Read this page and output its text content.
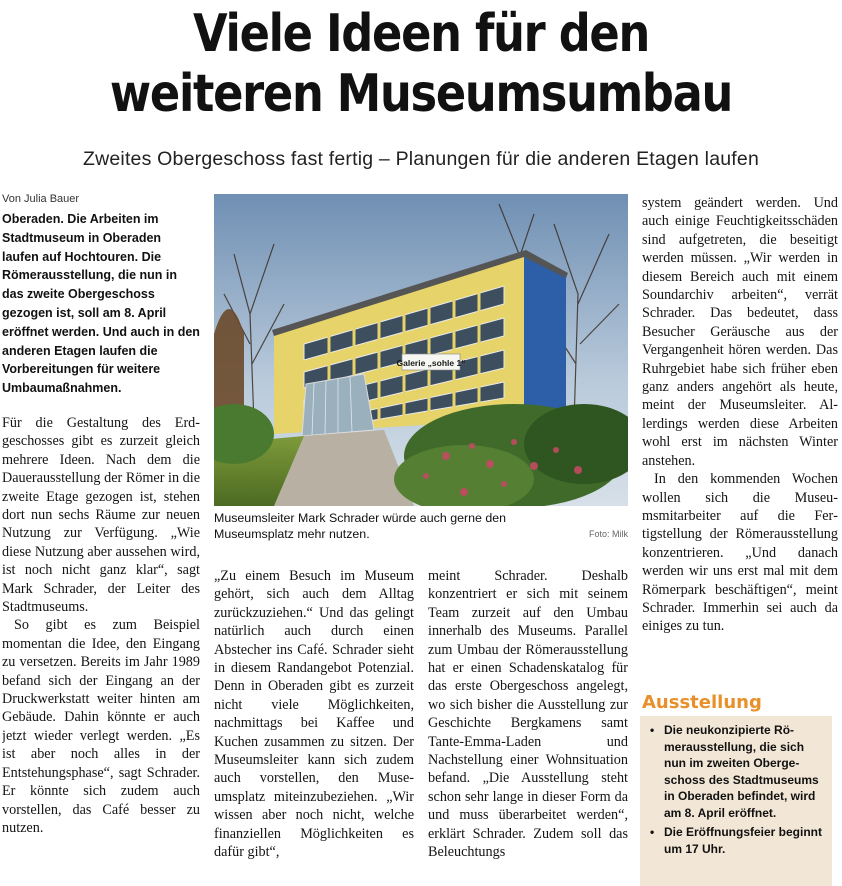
Viele Ideen für den
weiteren Museumsumbau
Zweites Obergeschoss fast fertig – Planungen für die anderen Etagen laufen
Von Julia Bauer
Oberaden. Die Arbeiten im Stadtmuseum in Oberaden laufen auf Hochtouren. Die Römerausstellung, die nun in das zweite Obergeschoss gezogen ist, soll am 8. April eröffnet werden. Und auch in den anderen Etagen laufen die Vorbereitungen für weitere Umbaumaßnahmen.

Für die Gestaltung des Erdgeschosses gibt es zurzeit gleich mehrere Ideen. Nach dem die Dauerausstellung der Römer in die zweite Etage gezogen ist, stehen dort nun sechs Räume zur neuen Nutzung zur Verfügung. „Wie diese Nutzung aber aussehen wird, ist noch nicht ganz klar“, sagt Mark Schrader, der Leiter des Stadtmuseums.

So gibt es zum Beispiel momentan die Idee, den Eingang zu versetzen. Bereits im Jahr 1989 befand sich der Eingang an der Druckwerkstatt weiter hinten am Gebäude. Dahin könnte er auch jetzt wieder verlegt werden. „Es ist aber noch alles in der Entstehungsphase“, sagt Schrader. Er könnte sich zudem auch vorstellen, das Café besser zu nutzen.

Galerie „sohle 1“
Museumsleiter Mark Schrader würde auch gerne den Museumsplatz mehr nutzen.	Foto: Milk

„Zu einem Besuch im Museum gehört, sich auch dem Alltag zurückzuziehen.“ Und das gelingt natürlich auch durch einen Abstecher ins Café. Schrader sieht in diesem Randangebot Potenzial. Denn in Oberaden gibt es zurzeit nicht viele Möglichkeiten, nachmittags bei Kaffee und Kuchen zusammen zu sitzen. Der Museumsleiter kann sich zudem auch vorstellen, den Museumsplatz miteinzubeziehen. „Wir wissen aber noch nicht, welche finanziellen Möglichkeiten es dafür gibt“,

meint Schrader. Deshalb konzentriert er sich mit seinem Team zurzeit auf den Umbau innerhalb des Museums. Parallel zum Umbau der Römerausstellung hat er einen Schadenskatalog für das erste Obergeschoss angelegt, wo sich bisher die Ausstellung zur Geschichte Bergkamens samt Tante-Emma-Laden und Nachstellung einer Wohnsituation befand. „Die Ausstellung steht schon sehr lange in dieser Form da und muss überarbeitet werden“, erklärt Schrader. Zudem soll das Beleuchtungs

system geändert werden. Und auch einige Feuchtigkeitsschäden sind aufgetreten, die beseitigt werden müssen. „Wir werden in diesem Bereich auch mit einem Soundarchiv arbeiten“, verrät Schrader. Das bedeutet, dass Besucher Geräusche aus der Vergangenheit hören werden. Das Ruhrgebiet habe sich früher eben ganz anders angehört als heute, meint der Museumsleiter. Allerdings werden diese Arbeiten wohl erst im nächsten Winter anstehen.

In den kommenden Wochen wollen sich die Museumsmitarbeiter auf die Fertigstellung der Römerausstellung konzentrieren. „Und danach werden wir uns erst mal mit dem Römerpark beschäftigen“, meint Schrader. Immerhin sei auch da einiges zu tun.

Ausstellung
• Die neukonzipierte Römerausstellung, die sich nun im zweiten Obergeschoss des Stadtmuseums in Oberaden befindet, wird am 8. April eröffnet.
• Die Eröffnungsfeier beginnt um 17 Uhr.
